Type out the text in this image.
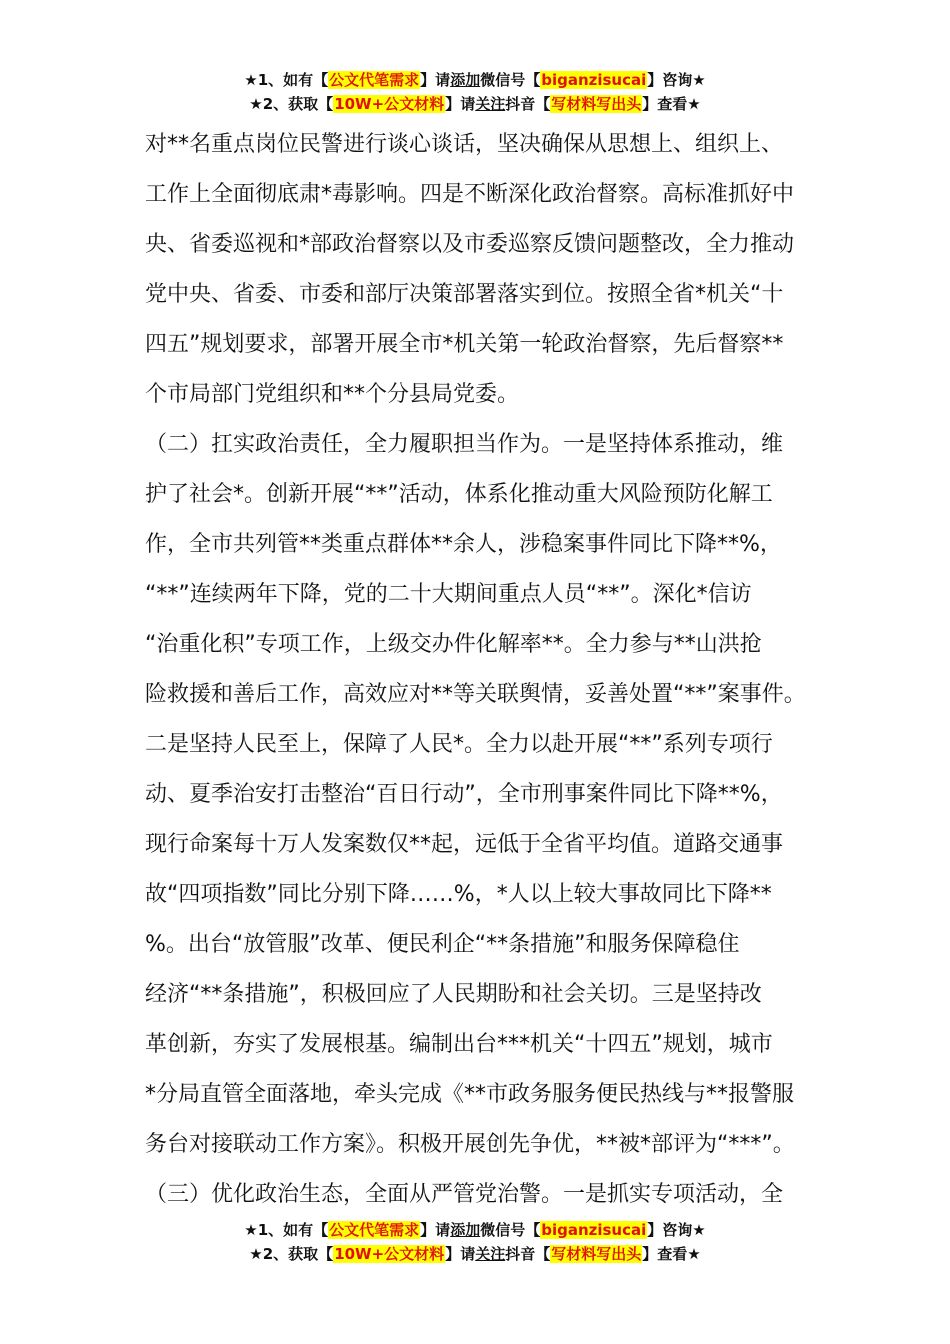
★1、如有【公文代笔需求】请添加微信号【biganzisucai】咨询★
★2、获取【10W+公文材料】请关注抖音【写材料写出头】查看★
对**名重点岗位民警进行谈心谈话，坚决确保从思想上、组织上、
工作上全面彻底肃*毒影响。四是不断深化政治督察。高标准抓好中
央、省委巡视和*部政治督察以及市委巡察反馈问题整改，全力推动
党中央、省委、市委和部厅决策部署落实到位。按照全省*机关“十
四五”规划要求，部署开展全市*机关第一轮政治督察，先后督察**
个市局部门党组织和**个分县局党委。
（二）扛实政治责任，全力履职担当作为。一是坚持体系推动，维
护了社会*。创新开展“**”活动，体系化推动重大风险预防化解工
作，全市共列管**类重点群体**余人，涉稳案事件同比下降**%，
“**”连续两年下降，党的二十大期间重点人员“**”。深化*信访
“治重化积”专项工作，上级交办件化解率**。全力参与**山洪抢
险救援和善后工作，高效应对**等关联舆情，妥善处置“**”案事件。
二是坚持人民至上，保障了人民*。全力以赴开展“**”系列专项行
动、夏季治安打击整治“百日行动”，全市刑事案件同比下降**%，
现行命案每十万人发案数仅**起，远低于全省平均值。道路交通事
故“四项指数”同比分别下降……%，*人以上较大事故同比下降**
%。出台“放管服”改革、便民利企“**条措施”和服务保障稳住
经济“**条措施”，积极回应了人民期盼和社会关切。三是坚持改
革创新，夯实了发展根基。编制出台***机关“十四五”规划，城市
*分局直管全面落地，牵头完成《**市政务服务便民热线与**报警服
务台对接联动工作方案》。积极开展创先争优，**被*部评为“***”。
（三）优化政治生态，全面从严管党治警。一是抓实专项活动，全
★1、如有【公文代笔需求】请添加微信号【biganzisucai】咨询★
★2、获取【10W+公文材料】请关注抖音【写材料写出头】查看★
